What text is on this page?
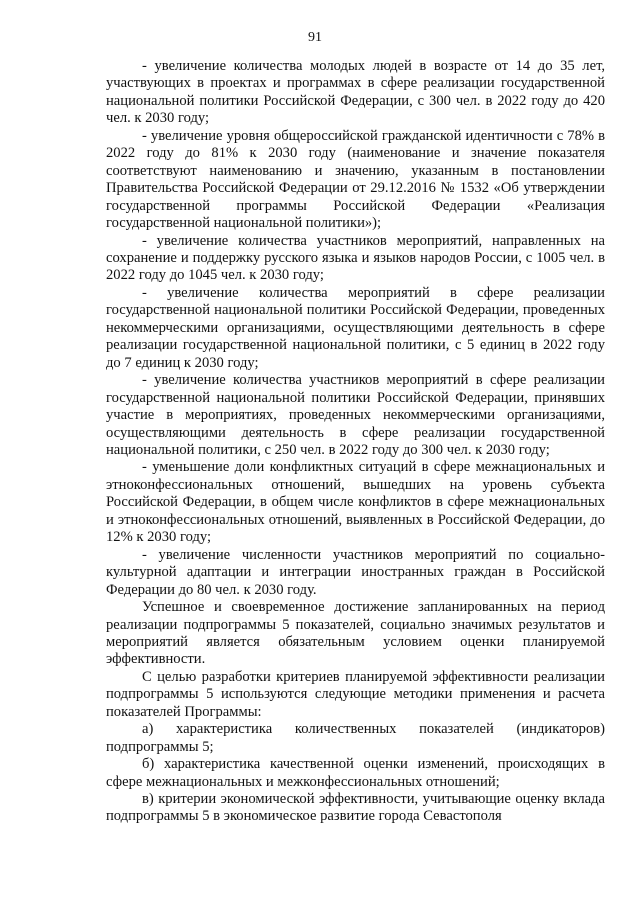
91

- увеличение количества молодых людей в возрасте от 14 до 35 лет, участвующих в проектах и программах в сфере реализации государственной национальной политики Российской Федерации, с 300 чел. в 2022 году до 420 чел. к 2030 году;

- увеличение уровня общероссийской гражданской идентичности с 78% в 2022 году до 81% к 2030 году (наименование и значение показателя соответствуют наименованию и значению, указанным в постановлении Правительства Российской Федерации от 29.12.2016 № 1532 «Об утверждении государственной программы Российской Федерации «Реализация государственной национальной политики»);

- увеличение количества участников мероприятий, направленных на сохранение и поддержку русского языка и языков народов России, с 1005 чел. в 2022 году до 1045 чел. к 2030 году;

- увеличение количества мероприятий в сфере реализации государственной национальной политики Российской Федерации, проведенных некоммерческими организациями, осуществляющими деятельность в сфере реализации государственной национальной политики, с 5 единиц в 2022 году до 7 единиц к 2030 году;

- увеличение количества участников мероприятий в сфере реализации государственной национальной политики Российской Федерации, принявших участие в мероприятиях, проведенных некоммерческими организациями, осуществляющими деятельность в сфере реализации государственной национальной политики, с 250 чел. в 2022 году до 300 чел. к 2030 году;

- уменьшение доли конфликтных ситуаций в сфере межнациональных и этноконфессиональных отношений, вышедших на уровень субъекта Российской Федерации, в общем числе конфликтов в сфере межнациональных и этноконфессиональных отношений, выявленных в Российской Федерации, до 12% к 2030 году;

- увеличение численности участников мероприятий по социально-культурной адаптации и интеграции иностранных граждан в Российской Федерации до 80 чел. к 2030 году.

Успешное и своевременное достижение запланированных на период реализации подпрограммы 5 показателей, социально значимых результатов и мероприятий является обязательным условием оценки планируемой эффективности.

С целью разработки критериев планируемой эффективности реализации подпрограммы 5 используются следующие методики применения и расчета показателей Программы:

а) характеристика количественных показателей (индикаторов) подпрограммы 5;

б) характеристика качественной оценки изменений, происходящих в сфере межнациональных и межконфессиональных отношений;

в) критерии экономической эффективности, учитывающие оценку вклада подпрограммы 5 в экономическое развитие города Севастополя
